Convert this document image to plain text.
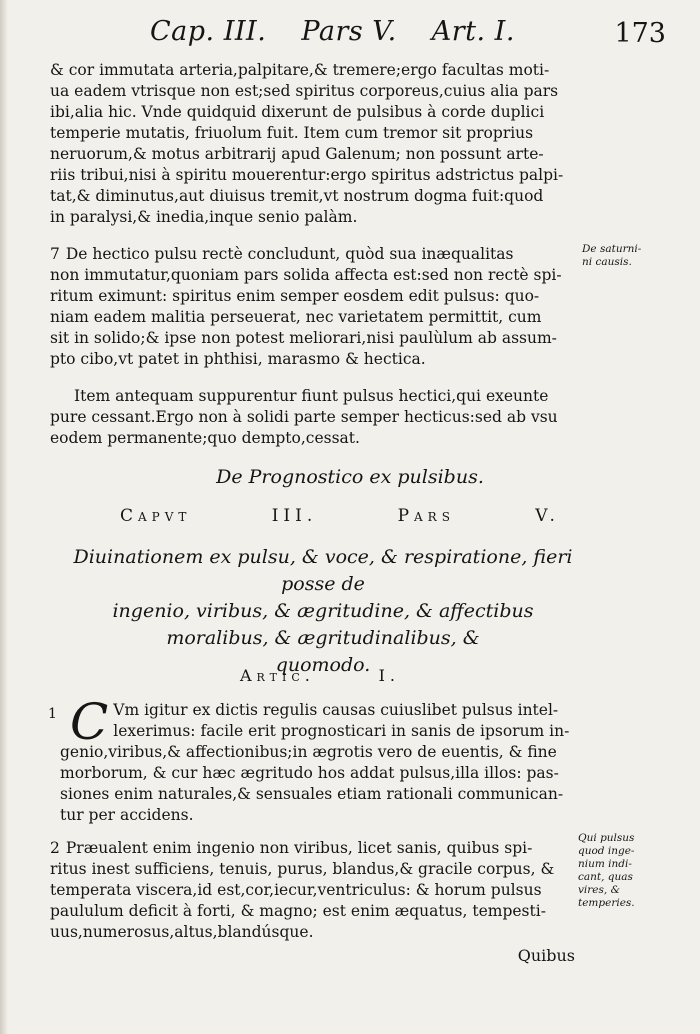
Cap. III. Pars V. Art. I.	173

& cor immutata arteria,palpitare,& tremere;ergo facultas moti-

ua eadem vtrisque non est;sed spiritus corporeus,cuius alia pars

ibi,alia hic. Vnde quidquid dixerunt de pulsibus à corde duplici

temperie mutatis, friuolum fuit. Item cum tremor sit proprius

neruorum,& motus arbitrarij apud Galenum; non possunt arte-

riis tribui,nisi à spiritu mouerentur:ergo spiritus adstrictus palpi-

tat,& diminutus,aut diuisus tremit,vt nostrum dogma fuit:quod

in paralysi,& inedia,inque senio palàm.

7 De hectico pulsu rectè concludunt, quòd sua inæqualitas

non immutatur,quoniam pars solida affecta est:sed non rectè spi-

ritum eximunt: spiritus enim semper eosdem edit pulsus: quo-

niam eadem malitia perseuerat, nec varietatem permittit, cum

sit in solido;& ipse non potest meliorari,nisi paulùlum ab assum-

pto cibo,vt patet in phthisi, marasmo & hectica.

De saturni-
ni causis.

Item antequam suppurentur fiunt pulsus hectici,qui exeunte

pure cessant.Ergo non à solidi parte semper hecticus:sed ab vsu

eodem permanente;quo dempto,cessat.

De Prognostico ex pulsibus.
Capvt	III.	Pars	V.
Diuinationem ex pulsu, & voce, & respiratione, fieri posse de
ingenio, viribus, & ægritudine, & affectibus
moralibus, & ægritudinalibus, &
quomodo.
Artic.	I.
1 C Vm igitur ex dictis regulis causas cuiuslibet pulsus intel-

lexerimus: facile erit prognosticari in sanis de ipsorum in-

genio,viribus,& affectionibus;in ægrotis vero de euentis, & fine

morborum, & cur hæc ægritudo hos addat pulsus,illa illos: pas-

siones enim naturales,& sensuales etiam rationali communican-

tur per accidens.

2 Præualent enim ingenio non viribus, licet sanis, quibus spi-

ritus inest sufficiens, tenuis, purus, blandus,& gracile corpus, &

temperata viscera,id est,cor,iecur,ventriculus: & horum pulsus

paululum deficit à forti, & magno; est enim æquatus, tempesti-

uus,numerosus,altus,blandúsque.

Qui pulsus
quod inge-
nium indi-
cant, quas
vires, &
temperies.
Quibus
